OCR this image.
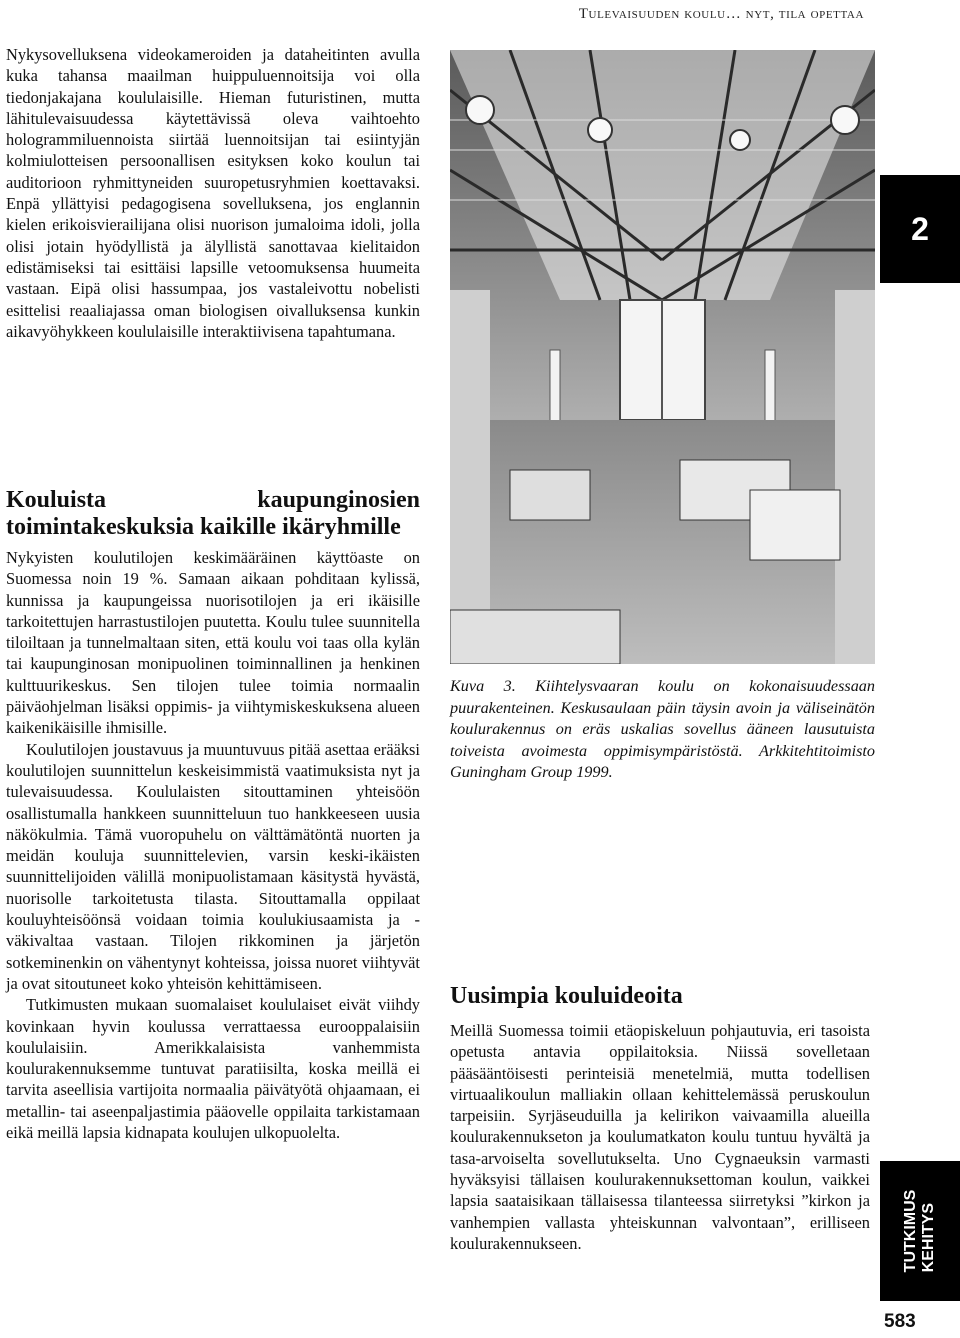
Tulevaisuuden koulu… nyt, tila opettaa

Nykysovelluksena videokameroiden ja dataheitinten avulla kuka tahansa maailman huippuluennoitsija voi olla tiedonjakajana koululaisille. Hieman futuristinen, mutta lähitulevaisuudessa käytettävissä oleva vaihtoehto hologrammiluennoista siirtää luennoitsijan tai esiintyjän kolmiulotteisen persoonallisen esityksen koko koulun tai auditorioon ryhmittyneiden suuropetusryhmien koettavaksi. Enpä yllättyisi pedagogisena sovelluksena, jos englannin kielen erikoisvierailijana olisi nuorison jumaloima idoli, jolla olisi jotain hyödyllistä ja älyllistä sanottavaa kielitaidon edistämiseksi tai esittäisi lapsille vetoomuksensa huumeita vastaan. Eipä olisi hassumpaa, jos vastaleivottu nobelisti esittelisi reaaliajassa oman biologisen oivalluksensa kunkin aikavyöhykkeen koululaisille interaktiivisena tapahtumana.

Kouluista kaupunginosien toimintakeskuksia kaikille ikäryhmille

Nykyisten koulutilojen keskimääräinen käyttöaste on Suomessa noin 19 %. Samaan aikaan pohditaan kylissä, kunnissa ja kaupungeissa nuorisotilojen ja eri ikäisille tarkoitettujen harrastustilojen puutetta. Koulu tulee suunnitella tiloiltaan ja tunnelmaltaan siten, että koulu voi taas olla kylän tai kaupunginosan monipuolinen toiminnallinen ja henkinen kulttuurikeskus. Sen tilojen tulee toimia normaalin päiväohjelman lisäksi oppimis- ja viihtymiskeskuksena alueen kaikenikäisille ihmisille.

Koulutilojen joustavuus ja muuntuvuus pitää asettaa erääksi koulutilojen suunnittelun keskeisimmistä vaatimuksista nyt ja tulevaisuudessa. Koululaisten sitouttaminen yhteisöön osallistumalla hankkeen suunnitteluun tuo hankkeeseen uusia näkökulmia. Tämä vuoropuhelu on välttämätöntä nuorten ja meidän kouluja suunnittelevien, varsin keski-ikäisten suunnittelijoiden välillä monipuolistamaan käsitystä hyvästä, nuorisolle tarkoitetusta tilasta. Sitouttamalla oppilaat kouluyhteisöönsä voidaan toimia koulukiusaamista ja -väkivaltaa vastaan. Tilojen rikkominen ja järjetön sotkeminenkin on vähentynyt kohteissa, joissa nuoret viihtyvät ja ovat sitoutuneet koko yhteisön kehittämiseen.

Tutkimusten mukaan suomalaiset koululaiset eivät viihdy kovinkaan hyvin koulussa verrattaessa eurooppalaisiin koululaisiin. Amerikkalaisista vanhemmista koulurakennuksemme tuntuvat paratiisilta, koska meillä ei tarvita aseellisia vartijoita normaalia päivätyötä ohjaamaan, ei metallin- tai aseenpaljastimia pääovelle oppilaita tarkistamaan eikä meillä lapsia kidnapata koulujen ulkopuolelta.

Kuva 3. Kiihtelysvaaran koulu on kokonaisuudessaan puurakenteinen. Keskusaulaan päin täysin avoin ja väliseinätön koulurakennus on eräs uskalias sovellus ääneen lausutuista toiveista avoimesta oppimisympäristöstä. Arkkitehtitoimisto Guningham Group 1999.
Uusimpia kouluideoita

Meillä Suomessa toimii etäopiskeluun pohjautuvia, eri tasoista opetusta antavia oppilaitoksia. Niissä sovelletaan pääsääntöisesti perinteisiä menetelmiä, mutta todellisen virtuaalikoulun malliakin ollaan kehittelemässä peruskoulun tarpeisiin. Syrjäseuduilla ja kelirikon vaivaamilla alueilla koulurakennukseton ja koulumatkaton koulu tuntuu hyvältä ja tasa-arvoiselta sovellutukselta. Uno Cygnaeuksin varmasti hyväksyisi tällaisen koulurakennuksettoman koulun, vaikkei lapsia saataisikaan tällaisessa tilanteessa siirretyksi ”kirkon ja vanhempien vallasta yhteiskunnan valvontaan”, erilliseen koulurakennukseen.

2
TUTKIMUS KEHITYS
583
